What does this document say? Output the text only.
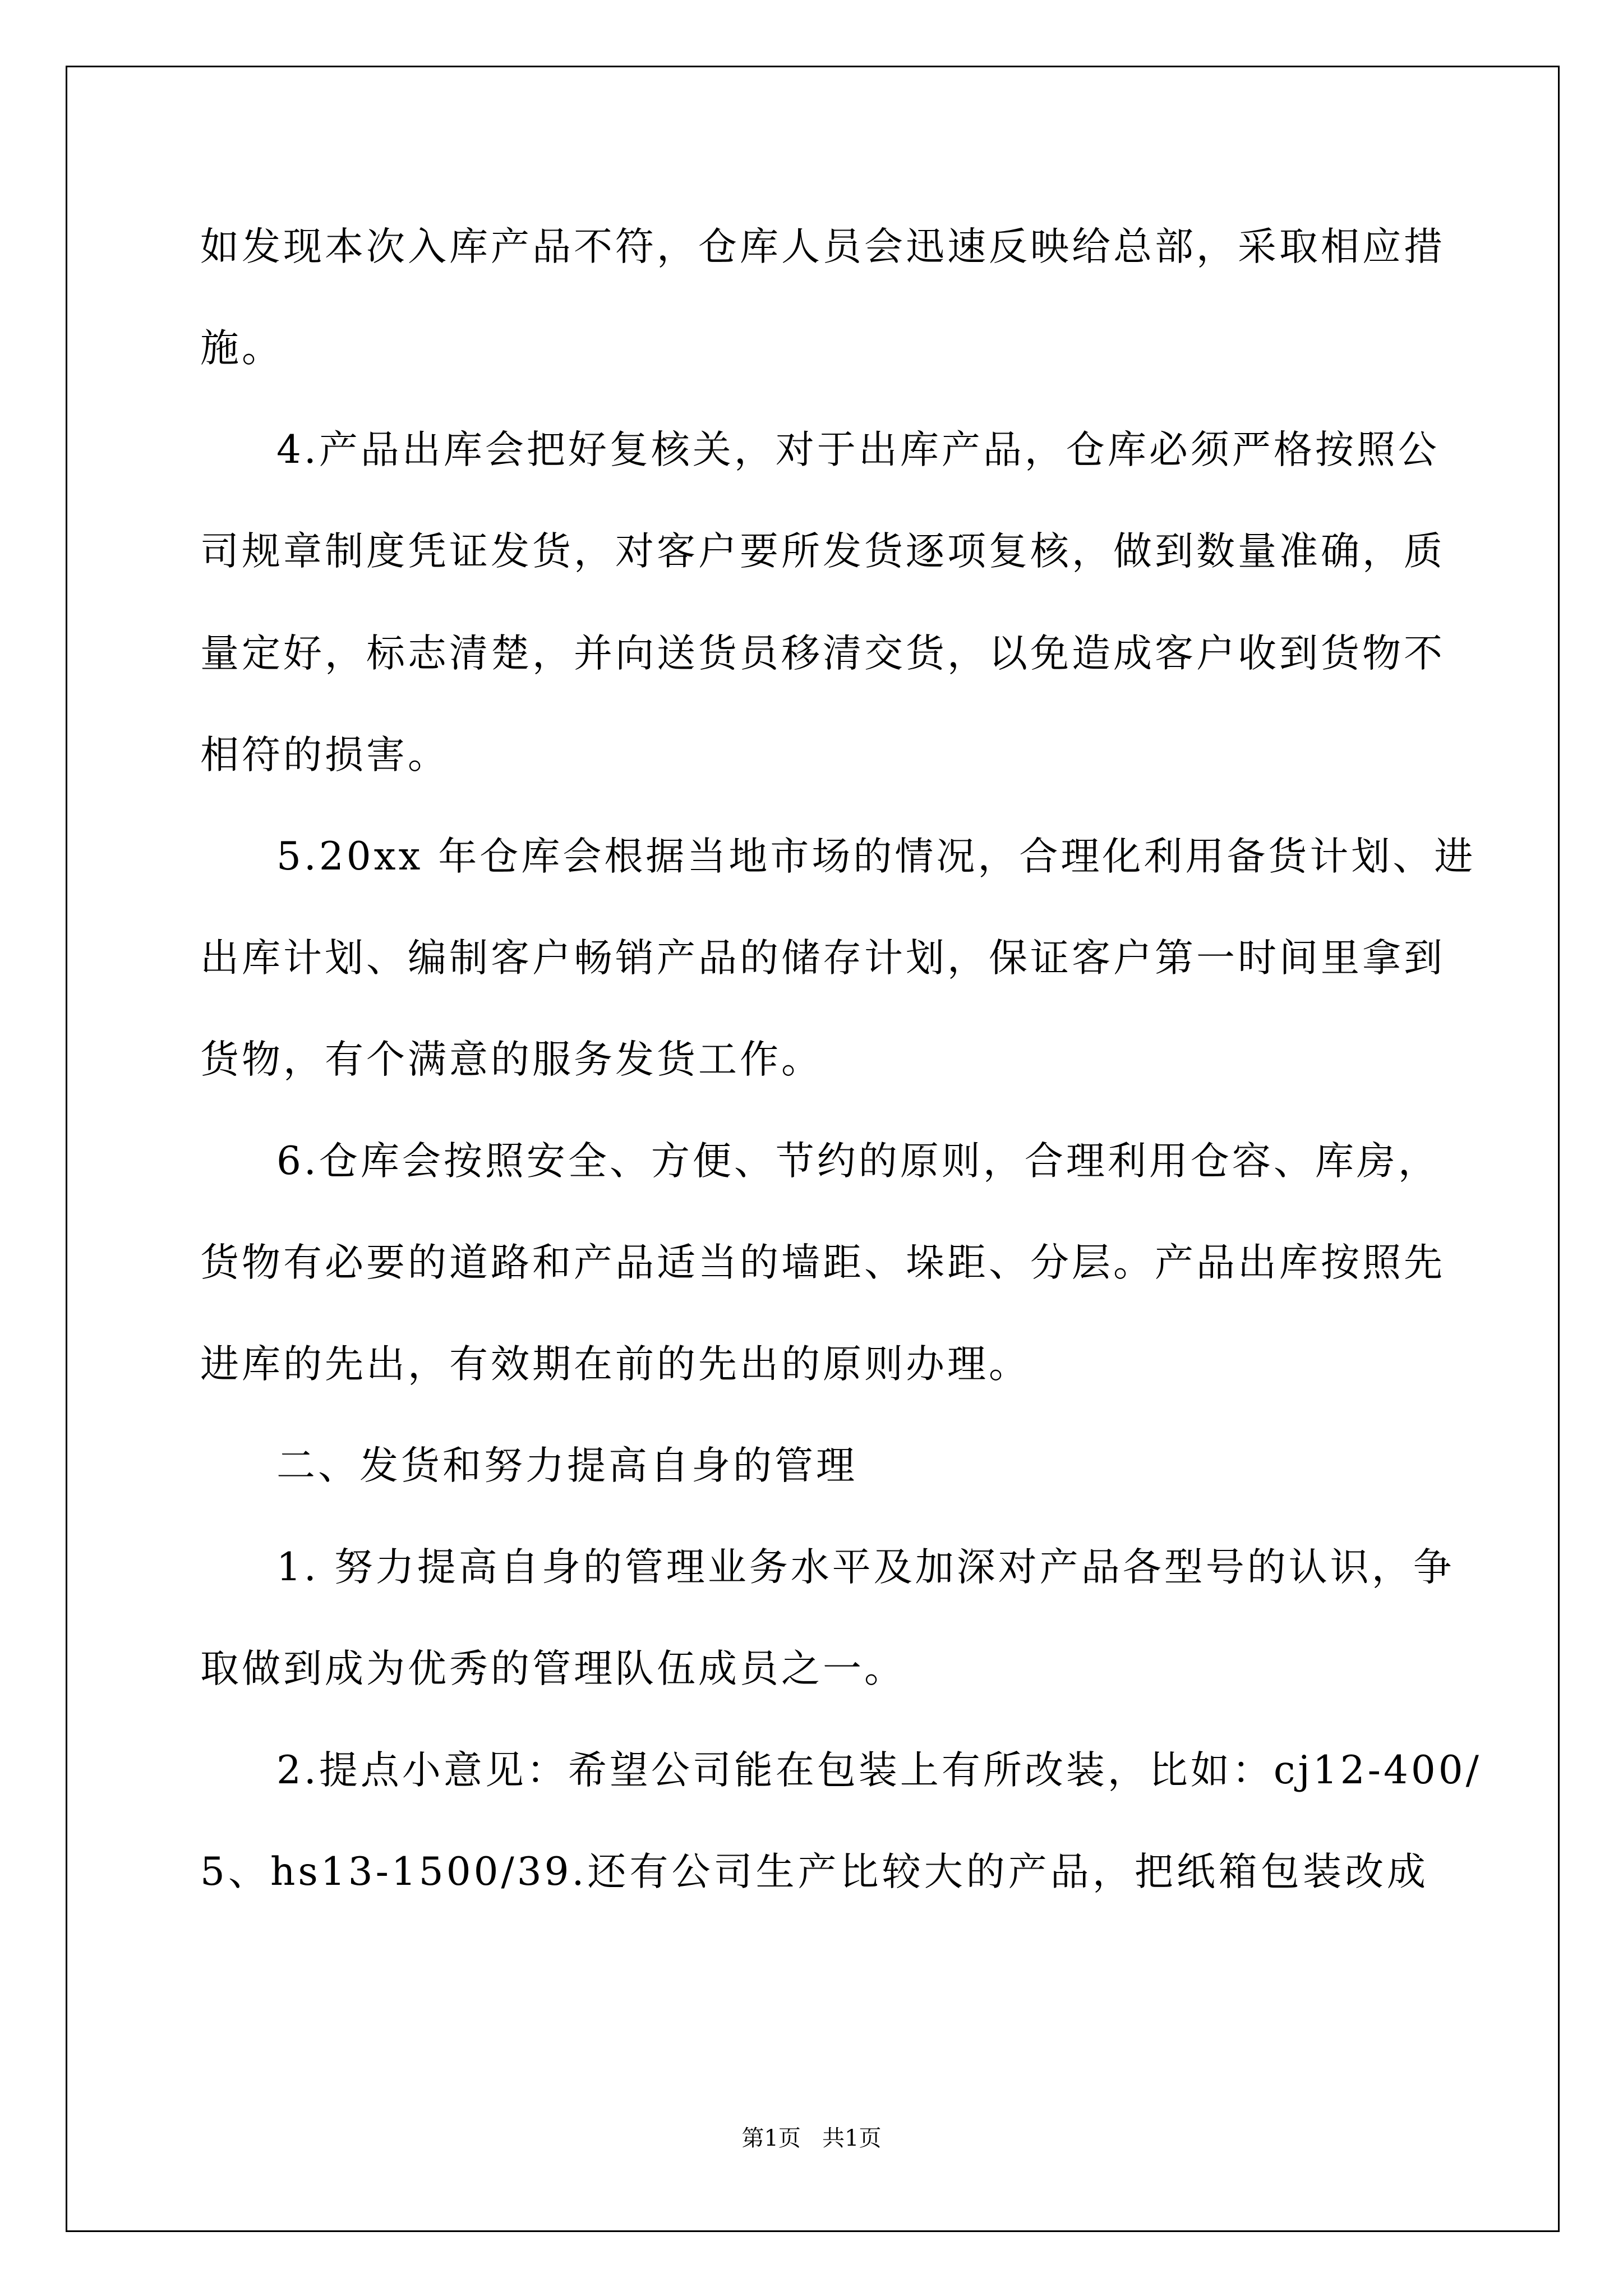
如发现本次入库产品不符，仓库人员会迅速反映给总部，采取相应措
施。
4.产品出库会把好复核关，对于出库产品，仓库必须严格按照公
司规章制度凭证发货，对客户要所发货逐项复核，做到数量准确，质
量定好，标志清楚，并向送货员移清交货，以免造成客户收到货物不
相符的损害。
5.20xx 年仓库会根据当地市场的情况，合理化利用备货计划、进
出库计划、编制客户畅销产品的储存计划，保证客户第一时间里拿到
货物，有个满意的服务发货工作。
6.仓库会按照安全、方便、节约的原则，合理利用仓容、库房，
货物有必要的道路和产品适当的墙距、垛距、分层。产品出库按照先
进库的先出，有效期在前的先出的原则办理。
二、发货和努力提高自身的管理
1. 努力提高自身的管理业务水平及加深对产品各型号的认识，争
取做到成为优秀的管理队伍成员之一。
2.提点小意见：希望公司能在包装上有所改装，比如：cj12-400/
5、hs13-1500/39.还有公司生产比较大的产品，把纸箱包装改成
第1页   共1页
